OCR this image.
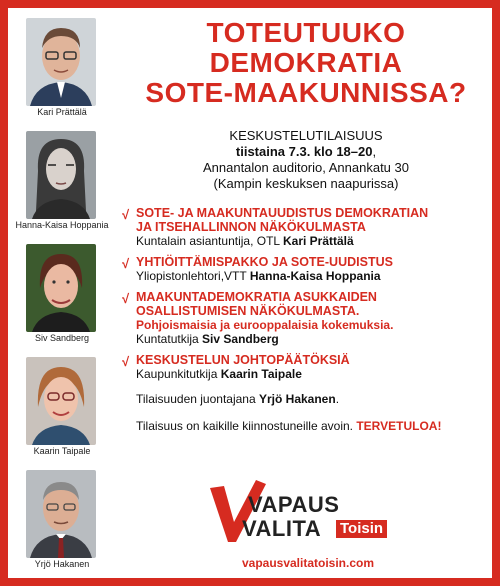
Kari Prättälä
Hanna-Kaisa Hoppania
Siv Sandberg
Kaarin Taipale
Yrjö Hakanen
TOTEUTUUKO
DEMOKRATIA
SOTE-MAAKUNNISSA?
KESKUSTELUTILAISUUS
tiistaina 7.3. klo 18–20,
Annantalon auditorio, Annankatu 30
(Kampin keskuksen naapurissa)
√ SOTE- JA MAAKUNTAUUDISTUS DEMOKRATIAN
JA ITSEHALLINNON NÄKÖKULMASTA
Kuntalain asiantuntija, OTL Kari Prättälä
√ YHTIÖITTÄMISPAKKO JA SOTE-UUDISTUS
Yliopistonlehtori,VTT Hanna-Kaisa Hoppania
√ MAAKUNTADEMOKRATIA ASUKKAIDEN
OSALLISTUMISEN NÄKÖKULMASTA.
Pohjoismaisia ja eurooppalaisia kokemuksia.
Kuntatutkija Siv Sandberg
√ KESKUSTELUN JOHTOPÄÄTÖKSIÄ
Kaupunkitutkija Kaarin Taipale
Tilaisuuden juontajana Yrjö Hakanen.
Tilaisuus on kaikille kiinnostuneille avoin. TERVETULOA!
VAPAUS
VALITA Toisin
vapausvalitatoisin.com
